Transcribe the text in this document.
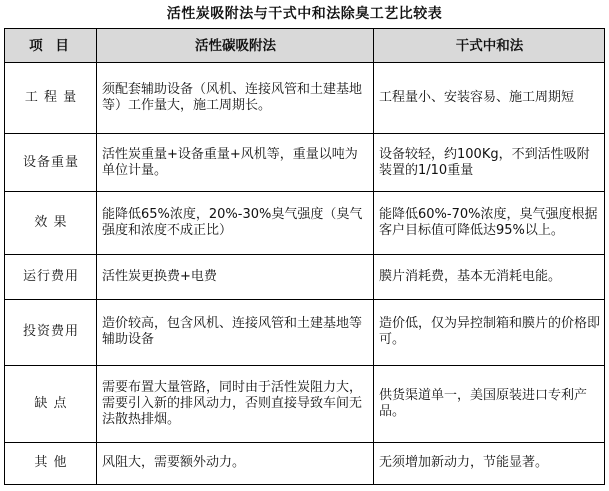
活性炭吸附法与干式中和法除臭工艺比较表
项 目	活性碳吸附法	干式中和法
工 程 量	须配套辅助设备（风机、连接风管和土建基地等）工作量大，施工周期长。	工程量小、安装容易、施工周期短
设备重量	活性炭重量+设备重量+风机等，重量以吨为单位计量。	设备较轻，约100Kg，不到活性吸附装置的1/10重量
效 果	能降低65%浓度，20%-30%臭气强度（臭气强度和浓度不成正比）	能降低60%-70%浓度，臭气强度根据客户目标值可降低达95%以上。
运行费用	活性炭更换费+电费	膜片消耗费，基本无消耗电能。
投资费用	造价较高，包含风机、连接风管和土建基地等辅助设备	造价低，仅为异控制箱和膜片的价格即可。
缺 点	需要布置大量管路，同时由于活性炭阻力大，需要引入新的排风动力，否则直接导致车间无法散热排烟。	供货渠道单一，美国原装进口专利产品。
其 他	风阻大，需要额外动力。	无须增加新动力，节能显著。
